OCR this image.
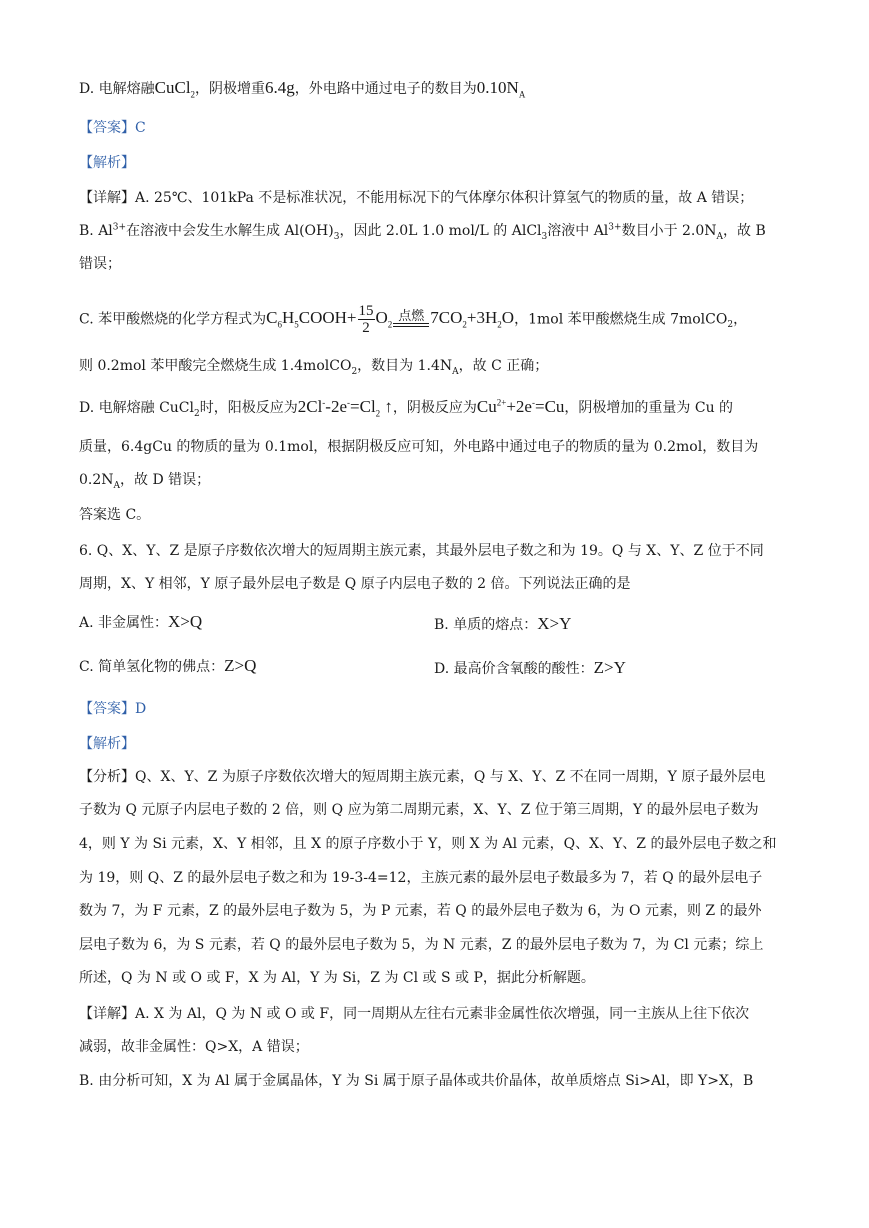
D. 电解熔融CuCl$_2$，阴极增重6.4g，外电路中通过电子的数目为$0.10N_A$
【答案】C
【解析】
【详解】A. 25℃、101kPa 不是标准状况，不能用标况下的气体摩尔体积计算氢气的物质的量，故 A 错误；
B. $Al^{3+}$在溶液中会发生水解生成 $Al(OH)_3$，因此 2.0L 1.0 mol/L 的 AlCl$_3$溶液中 $Al^{3+}$数目小于 $2.0N_A$，故 B
错误；
C. 苯甲酸燃烧的化学方程式为$C_6H_5COOH+ \frac{15}{2} O_2$
点燃 $7CO_2+3H_2O$，1mol 苯甲酸燃烧生成 7molCO$_2$，
则 0.2mol 苯甲酸完全燃烧生成 1.4molCO$_2$，数目为 $1.4N_A$，故 C 正确；
D. 电解熔融 CuCl$_2$时，阳极反应为$2Cl^--2e^-=Cl_2$ ↑，阴极反应为$Cu^{2+}+2e^-=Cu$，阴极增加的重量为 Cu 的
质量，6.4gCu 的物质的量为 0.1mol，根据阴极反应可知，外电路中通过电子的物质的量为 0.2mol，数目为
$0.2N_A$，故 D 错误；
答案选 C。
6. Q、X、Y、Z 是原子序数依次增大的短周期主族元素，其最外层电子数之和为 19。Q 与 X、Y、Z 位于不同
周期，X、Y 相邻，Y 原子最外层电子数是 Q 原子内层电子数的 2 倍。下列说法正确的是
A. 非金属性：X>Q	B. 单质的熔点：X>Y
C. 简单氢化物的佛点：Z>Q	D. 最高价含氧酸的酸性：Z>Y
【答案】D
【解析】
【分析】Q、X、Y、Z 为原子序数依次增大的短周期主族元素，Q 与 X、Y、Z 不在同一周期，Y 原子最外层电
子数为 Q 元原子内层电子数的 2 倍，则 Q 应为第二周期元素，X、Y、Z 位于第三周期，Y 的最外层电子数为
4，则 Y 为 Si 元素，X、Y 相邻，且 X 的原子序数小于 Y，则 X 为 Al 元素，Q、X、Y、Z 的最外层电子数之和
为 19，则 Q、Z 的最外层电子数之和为 19-3-4=12，主族元素的最外层电子数最多为 7，若 Q 的最外层电子
数为 7，为 F 元素，Z 的最外层电子数为 5，为 P 元素，若 Q 的最外层电子数为 6，为 O 元素，则 Z 的最外
层电子数为 6，为 S 元素，若 Q 的最外层电子数为 5，为 N 元素，Z 的最外层电子数为 7，为 Cl 元素；综上
所述，Q 为 N 或 O 或 F，X 为 Al，Y 为 Si，Z 为 Cl 或 S 或 P，据此分析解题。
【详解】A. X 为 Al，Q 为 N 或 O 或 F，同一周期从左往右元素非金属性依次增强，同一主族从上往下依次
减弱，故非金属性：Q>X，A 错误；
B. 由分析可知，X 为 Al 属于金属晶体，Y 为 Si 属于原子晶体或共价晶体，故单质熔点 Si>Al，即 Y>X，B
